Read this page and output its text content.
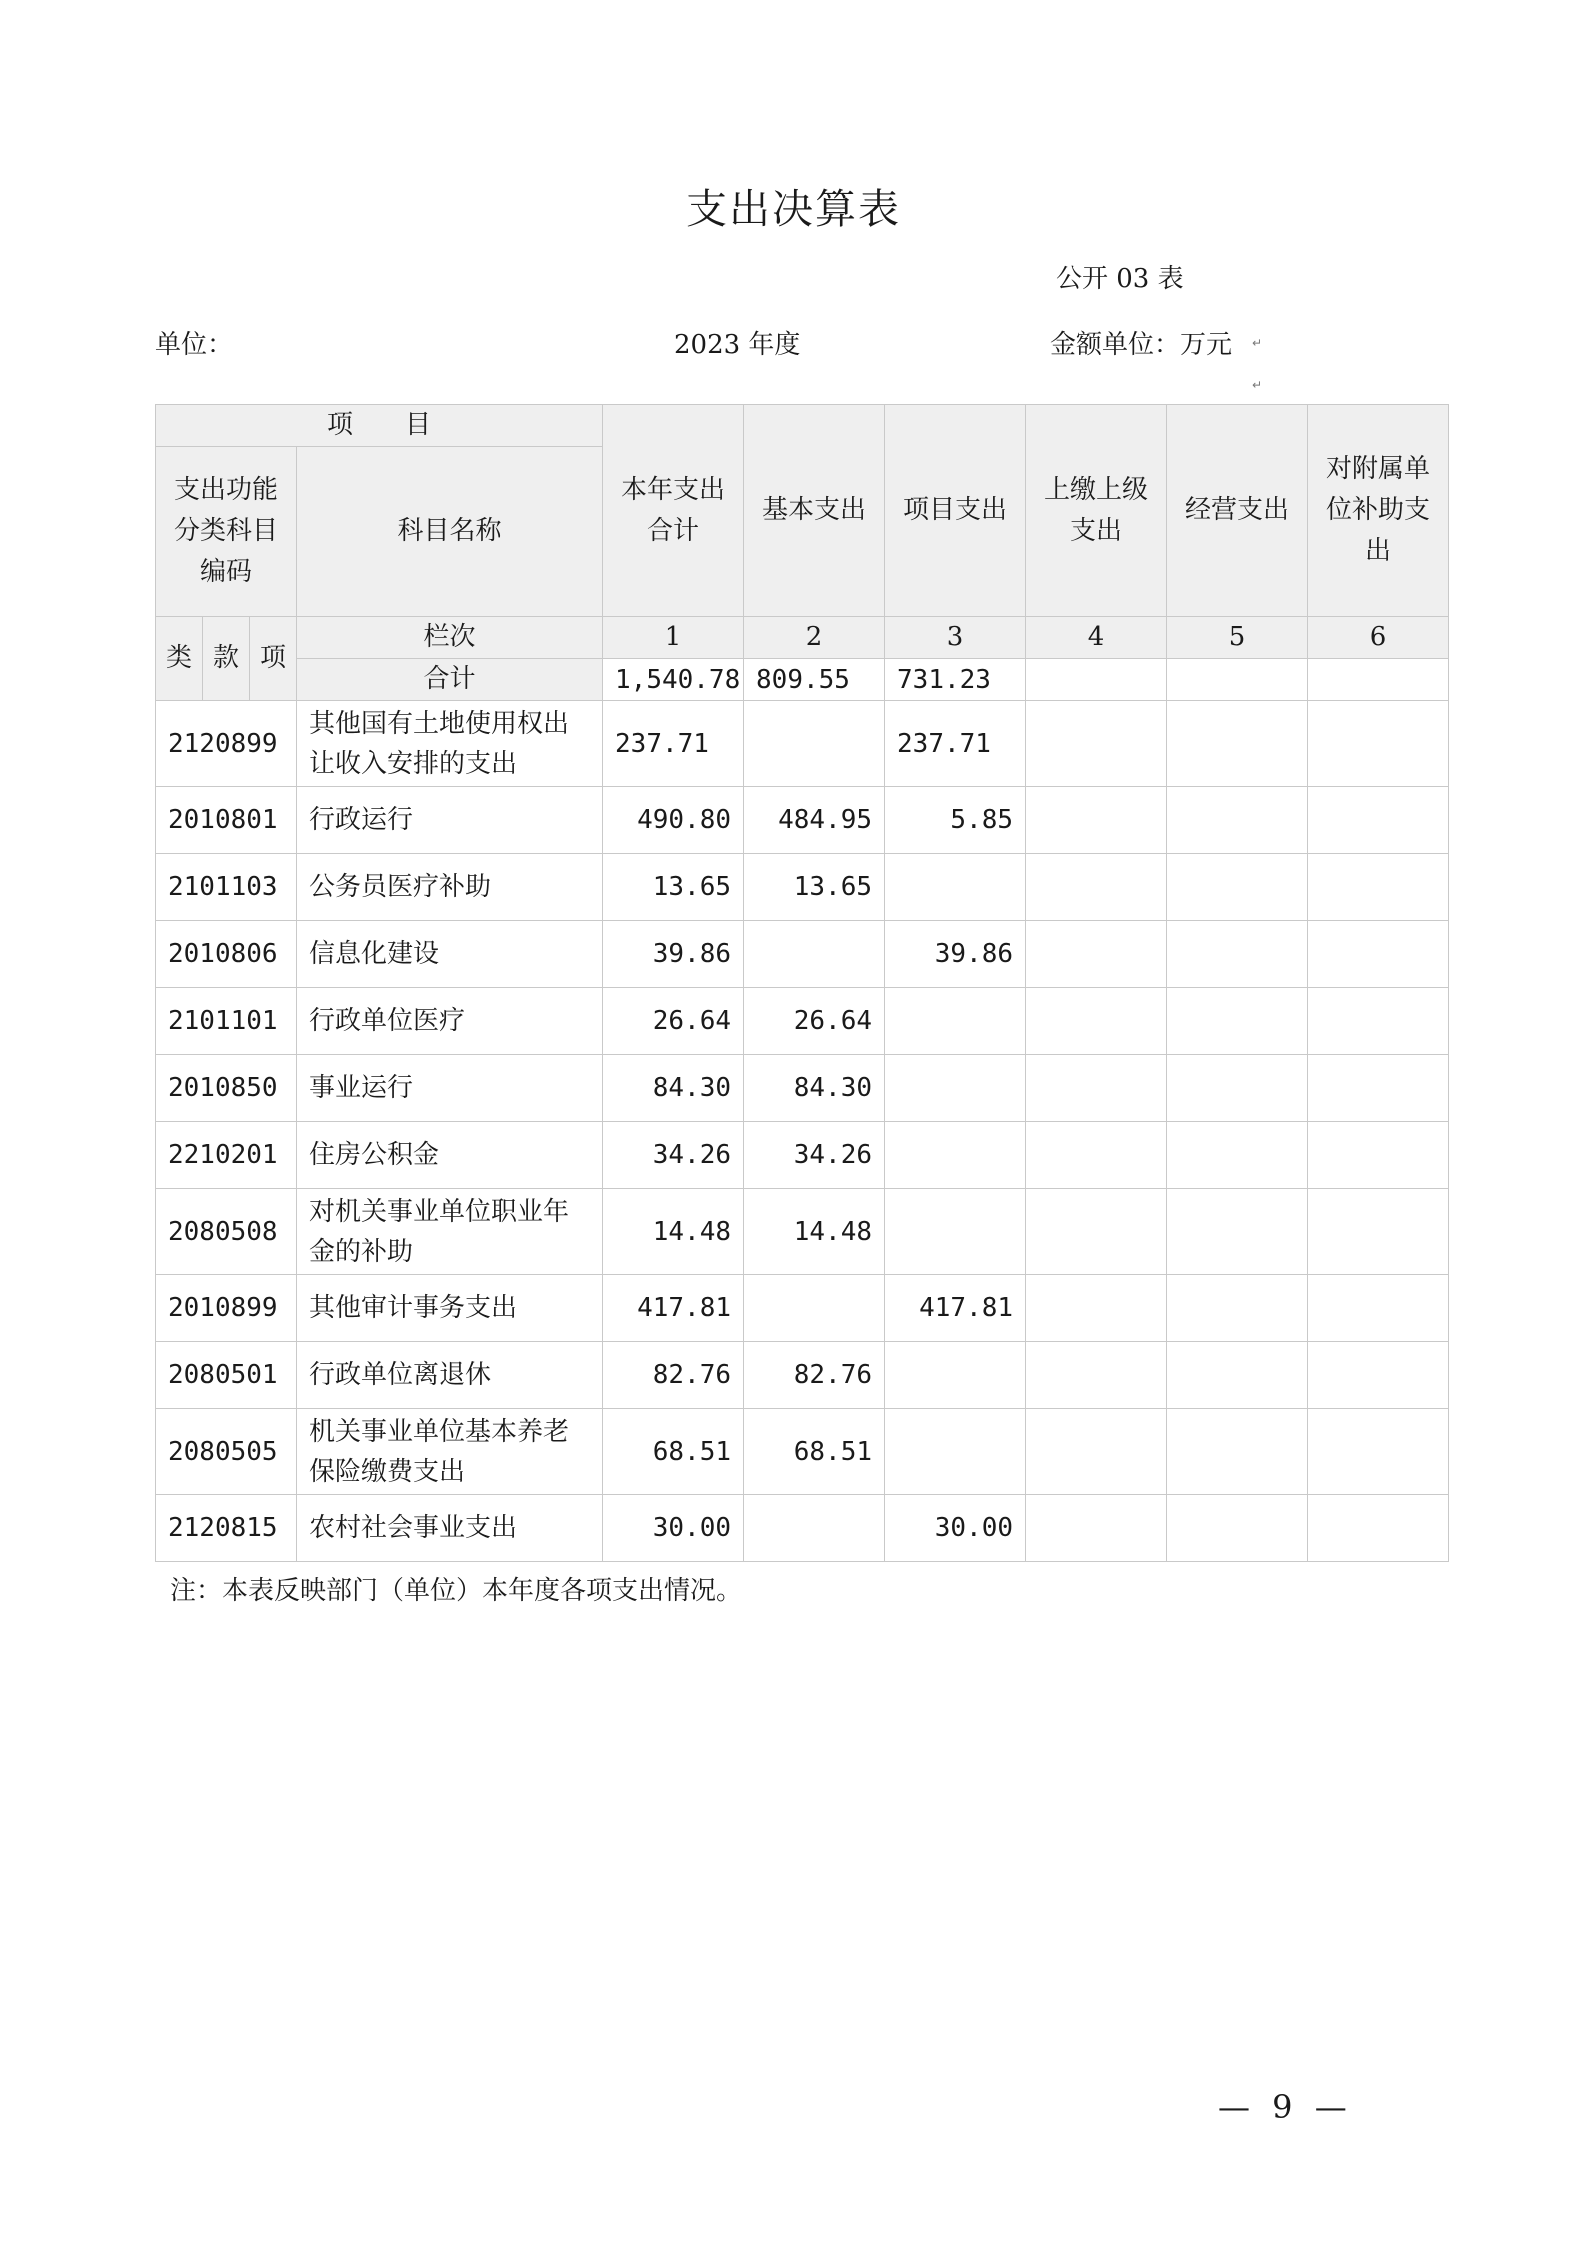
支出决算表
公开 03 表
单位：	2023 年度	金额单位：万元 ↵
↵
项　　目				本年支出合计	基本支出	项目支出	上缴上级支出	经营支出	对附属单位补助支出
支出功能分类科目编码			科目名称						
类	款	项	栏次	1	2	3	4	5	6
			合计	1,540.78	809.55	731.23			
2120899			其他国有土地使用权出让收入安排的支出	237.71		237.71			
2010801			行政运行	490.80	484.95	5.85			
2101103			公务员医疗补助	13.65	13.65				
2010806			信息化建设	39.86		39.86			
2101101			行政单位医疗	26.64	26.64				
2010850			事业运行	84.30	84.30				
2210201			住房公积金	34.26	34.26				
2080508			对机关事业单位职业年金的补助	14.48	14.48				
2010899			其他审计事务支出	417.81		417.81			
2080501			行政单位离退休	82.76	82.76				
2080505			机关事业单位基本养老保险缴费支出	68.51	68.51				
2120815			农村社会事业支出	30.00		30.00			
注：本表反映部门（单位）本年度各项支出情况。
— 9 —
